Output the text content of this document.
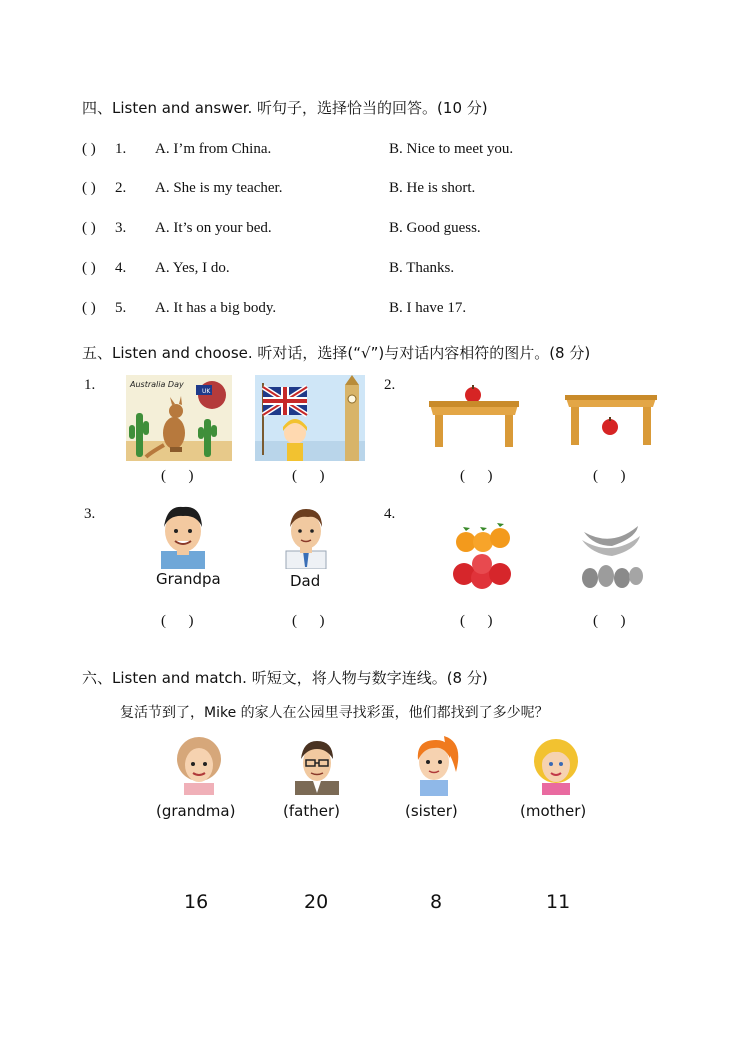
四、Listen and answer. 听句子，选择恰当的回答。(10 分)
( ) 1. A. I’m from China.	B. Nice to meet you.
( ) 2. A. She is my teacher.	B. He is short.
( ) 3. A. It’s on your bed.	B. Good guess.
( ) 4. A. Yes, I do.	B. Thanks.
( ) 5. A. It has a big body.	B. I have 17.
五、Listen and choose. 听对话，选择(“√”)与对话内容相符的图片。(8 分)
1.	UK
Australia Day
(      )	(      )
2.
(      )	(      )
3.
Grandpa	Dad
(      )	(      )
4.
(      )	(      )
六、Listen and match. 听短文，将人物与数字连线。(8 分)
复活节到了，Mike 的家人在公园里寻找彩蛋，他们都找到了多少呢？
(grandma)	(father)	(sister)	(mother)
16	20	8	11
